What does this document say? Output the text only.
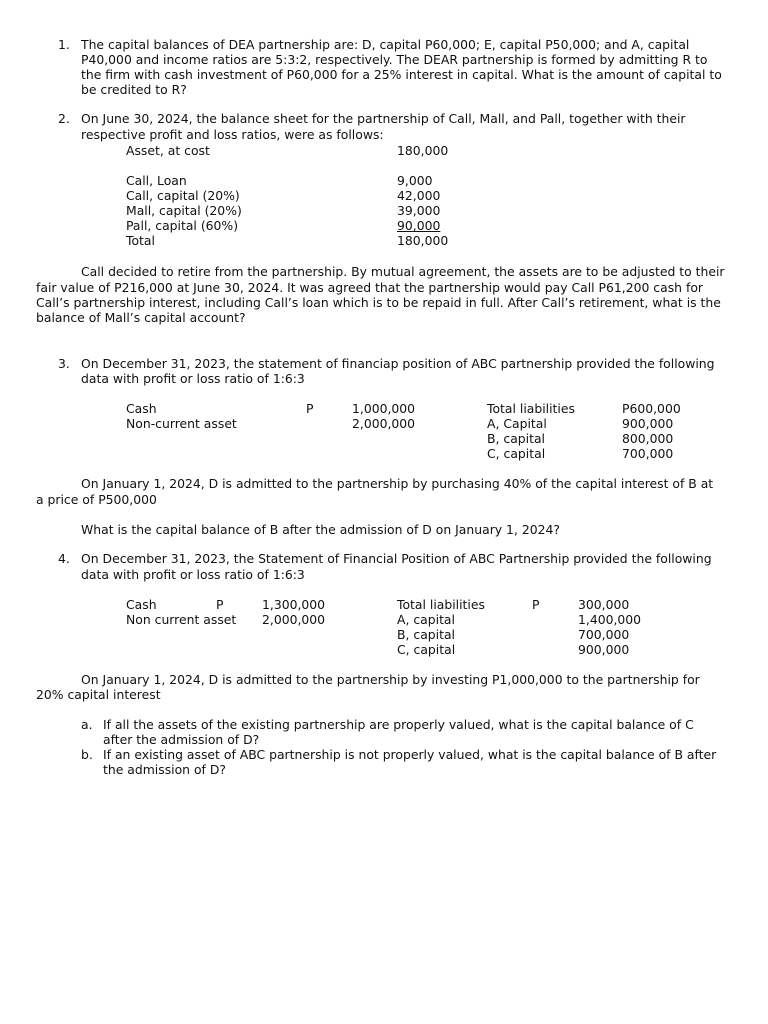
1. The capital balances of DEA partnership are: D, capital P60,000; E, capital P50,000; and A, capital
P40,000 and income ratios are 5:3:2, respectively. The DEAR partnership is formed by admitting R to
the firm with cash investment of P60,000 for a 25% interest in capital. What is the amount of capital to
be credited to R?
2. On June 30, 2024, the balance sheet for the partnership of Call, Mall, and Pall, together with their
respective profit and loss ratios, were as follows:
Asset, at cost	180,000
Call, Loan	9,000
Call, capital (20%)	42,000
Mall, capital (20%)	39,000
Pall, capital (60%)	90,000
Total	180,000
Call decided to retire from the partnership. By mutual agreement, the assets are to be adjusted to their
fair value of P216,000 at June 30, 2024. It was agreed that the partnership would pay Call P61,200 cash for
Call’s partnership interest, including Call’s loan which is to be repaid in full. After Call’s retirement, what is the
balance of Mall’s capital account?
3. On December 31, 2023, the statement of financiap position of ABC partnership provided the following
data with profit or loss ratio of 1:6:3
Cash	P	1,000,000
Non-current asset	2,000,000
Total liabilities	P600,000
A, Capital	900,000
B, capital	800,000
C, capital	700,000
On January 1, 2024, D is admitted to the partnership by purchasing 40% of the capital interest of B at
a price of P500,000
What is the capital balance of B after the admission of D on January 1, 2024?
4. On December 31, 2023, the Statement of Financial Position of ABC Partnership provided the following
data with profit or loss ratio of 1:6:3
Cash	P	1,300,000
Non current asset 2,000,000
Total liabilities	P	300,000
A, capital	1,400,000
B, capital	700,000
C, capital	900,000
On January 1, 2024, D is admitted to the partnership by investing P1,000,000 to the partnership for
20% capital interest
a. If all the assets of the existing partnership are properly valued, what is the capital balance of C
after the admission of D?
b. If an existing asset of ABC partnership is not properly valued, what is the capital balance of B after
the admission of D?
